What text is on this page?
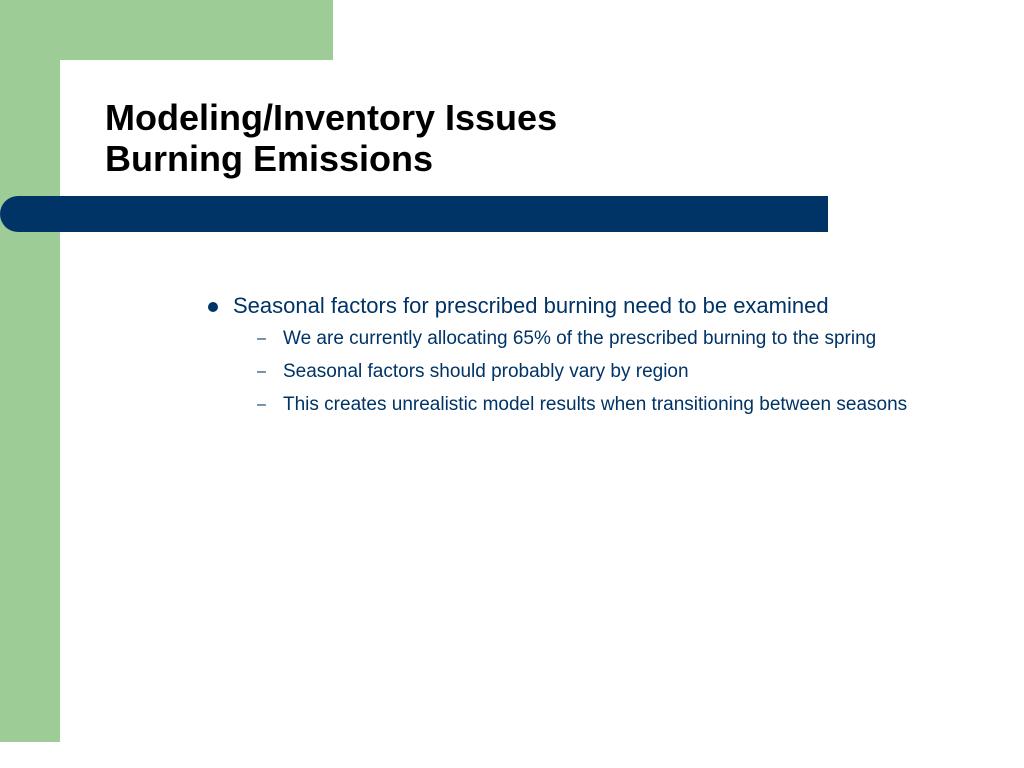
Modeling/Inventory Issues
Burning Emissions
Seasonal factors for prescribed burning need to be examined
– We are currently allocating 65% of the prescribed burning to the spring
– Seasonal factors should probably vary by region
– This creates unrealistic model results when transitioning between seasons
